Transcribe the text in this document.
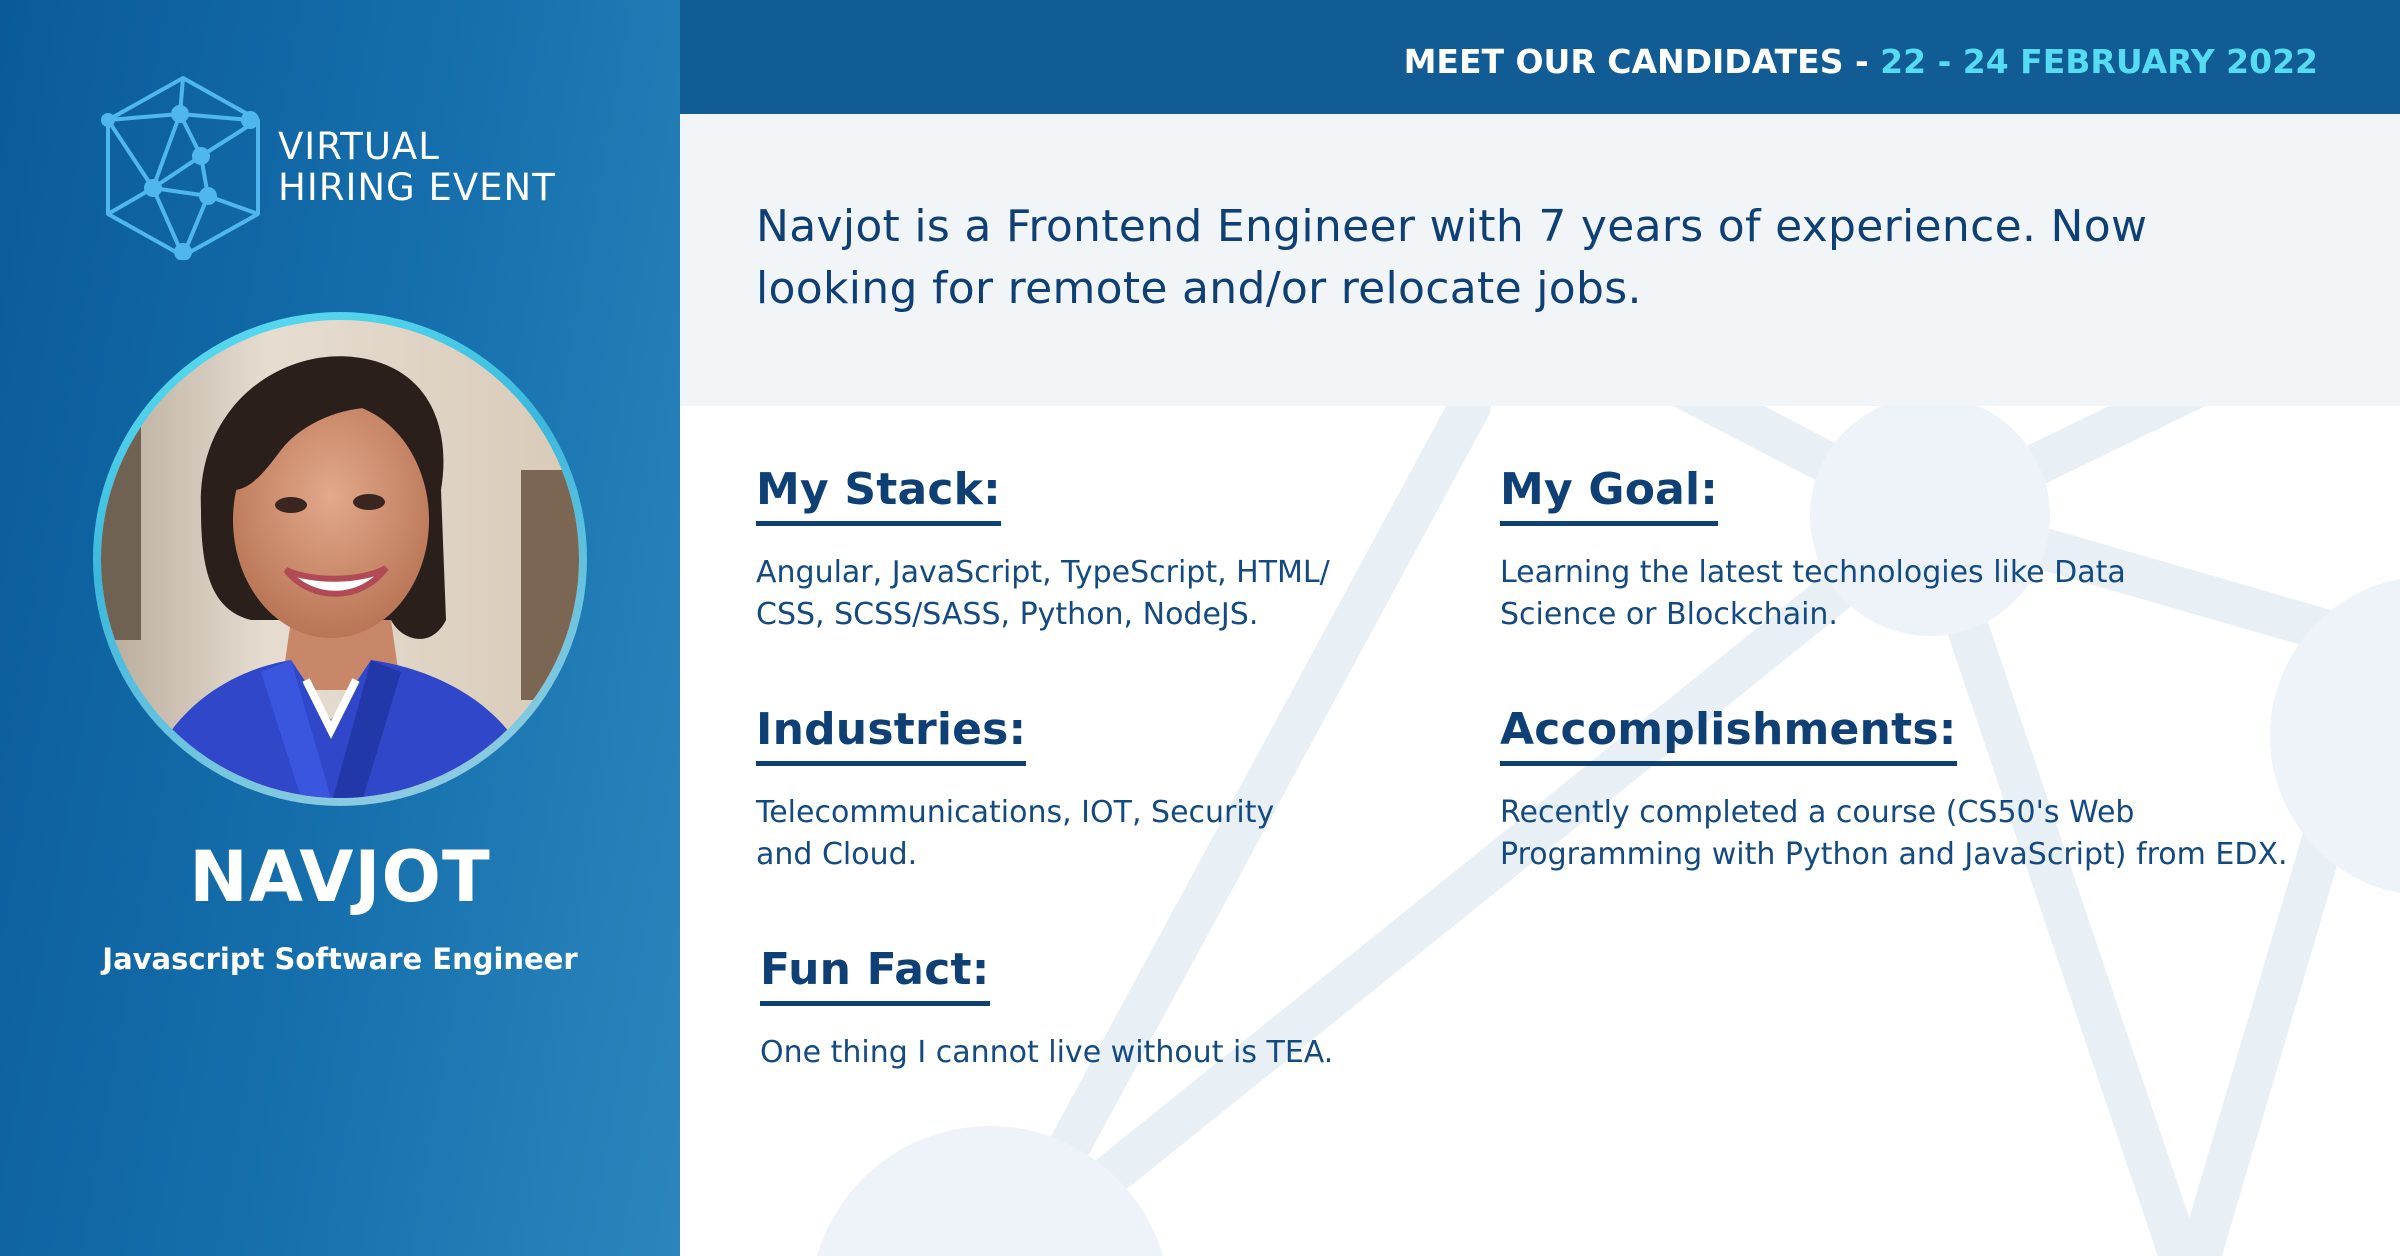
VIRTUAL
HIRING EVENT
NAVJOT
Javascript Software Engineer
MEET OUR CANDIDATES - 22 - 24 FEBRUARY 2022

Navjot is a Frontend Engineer with 7 years of experience. Now looking for remote and/or relocate jobs.

My Stack:

Angular, JavaScript, TypeScript, HTML/ CSS, SCSS/SASS, Python, NodeJS.

My Goal:

Learning the latest technologies like Data Science or Blockchain.

Industries:

Telecommunications, IOT, Security and Cloud.

Accomplishments:

Recently completed a course (CS50's Web Programming with Python and JavaScript) from EDX.

Fun Fact:

One thing I cannot live without is TEA.
